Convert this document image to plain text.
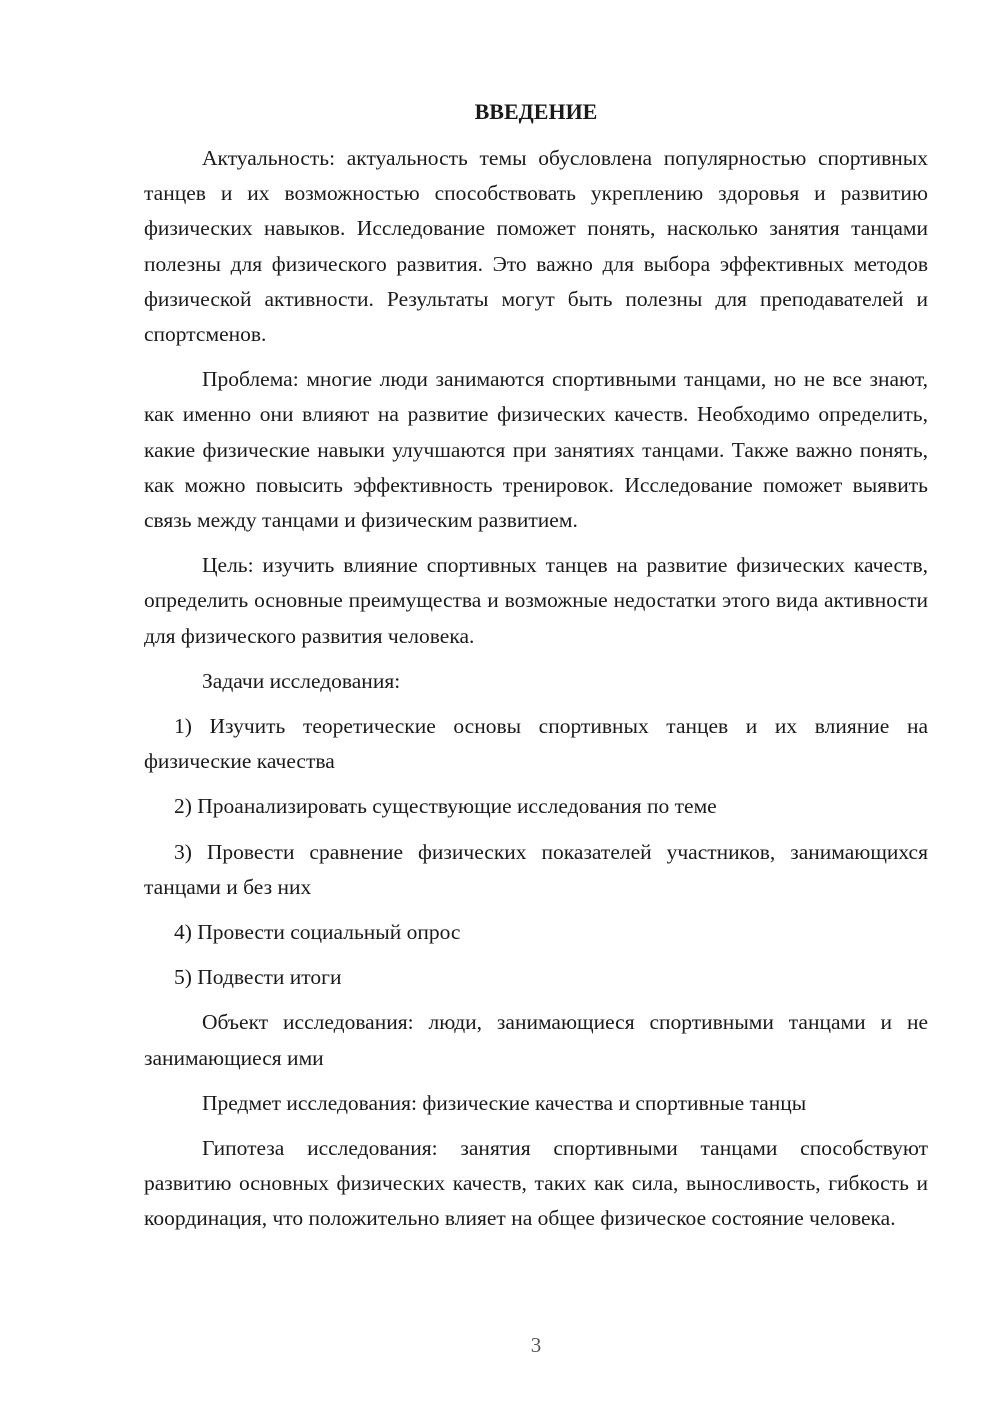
ВВЕДЕНИЕ

Актуальность: актуальность темы обусловлена популярностью спортивных танцев и их возможностью способствовать укреплению здоровья и развитию физических навыков. Исследование поможет понять, насколько занятия танцами полезны для физического развития. Это важно для выбора эффективных методов физической активности. Результаты могут быть полезны для преподавателей и спортсменов.

Проблема: многие люди занимаются спортивными танцами, но не все знают, как именно они влияют на развитие физических качеств. Необходимо определить, какие физические навыки улучшаются при занятиях танцами. Также важно понять, как можно повысить эффективность тренировок. Исследование поможет выявить связь между танцами и физическим развитием.

Цель: изучить влияние спортивных танцев на развитие физических качеств, определить основные преимущества и возможные недостатки этого вида активности для физического развития человека.

Задачи исследования:

1) Изучить теоретические основы спортивных танцев и их влияние на физические качества

2) Проанализировать существующие исследования по теме

3) Провести сравнение физических показателей участников, занимающихся танцами и без них

4) Провести социальный опрос

5) Подвести итоги

Объект исследования: люди, занимающиеся спортивными танцами и не занимающиеся ими

Предмет исследования: физические качества и спортивные танцы

Гипотеза исследования: занятия спортивными танцами способствуют развитию основных физических качеств, таких как сила, выносливость, гибкость и координация, что положительно влияет на общее физическое состояние человека.

3
